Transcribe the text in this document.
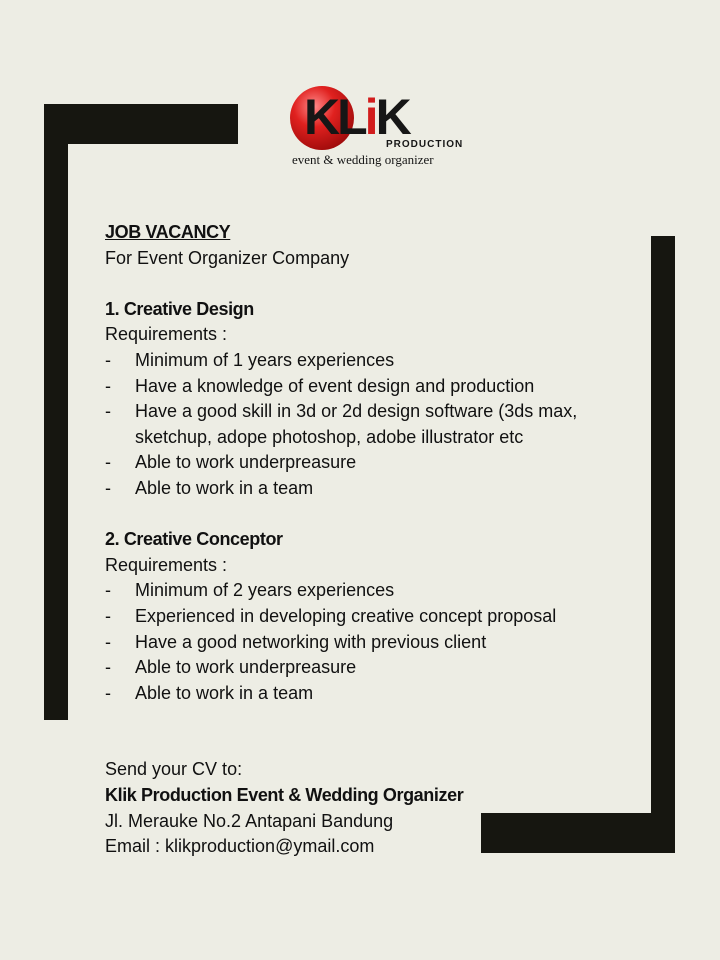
KLiK
PRODUCTION
event & wedding organizer
JOB VACANCY
For Event Organizer Company
1. Creative Design
Requirements :
- Minimum of 1 years experiences
- Have a knowledge of event design and production
- Have a good skill in 3d or 2d design software (3ds max,
sketchup, adope photoshop, adobe illustrator etc
- Able to work underpreasure
- Able to work in a team
2. Creative Conceptor
Requirements :
- Minimum of 2 years experiences
- Experienced in developing creative concept proposal
- Have a good networking with previous client
- Able to work underpreasure
- Able to work in a team
Send your CV to:
Klik Production Event & Wedding Organizer
Jl. Merauke No.2 Antapani Bandung
Email : klikproduction@ymail.com
